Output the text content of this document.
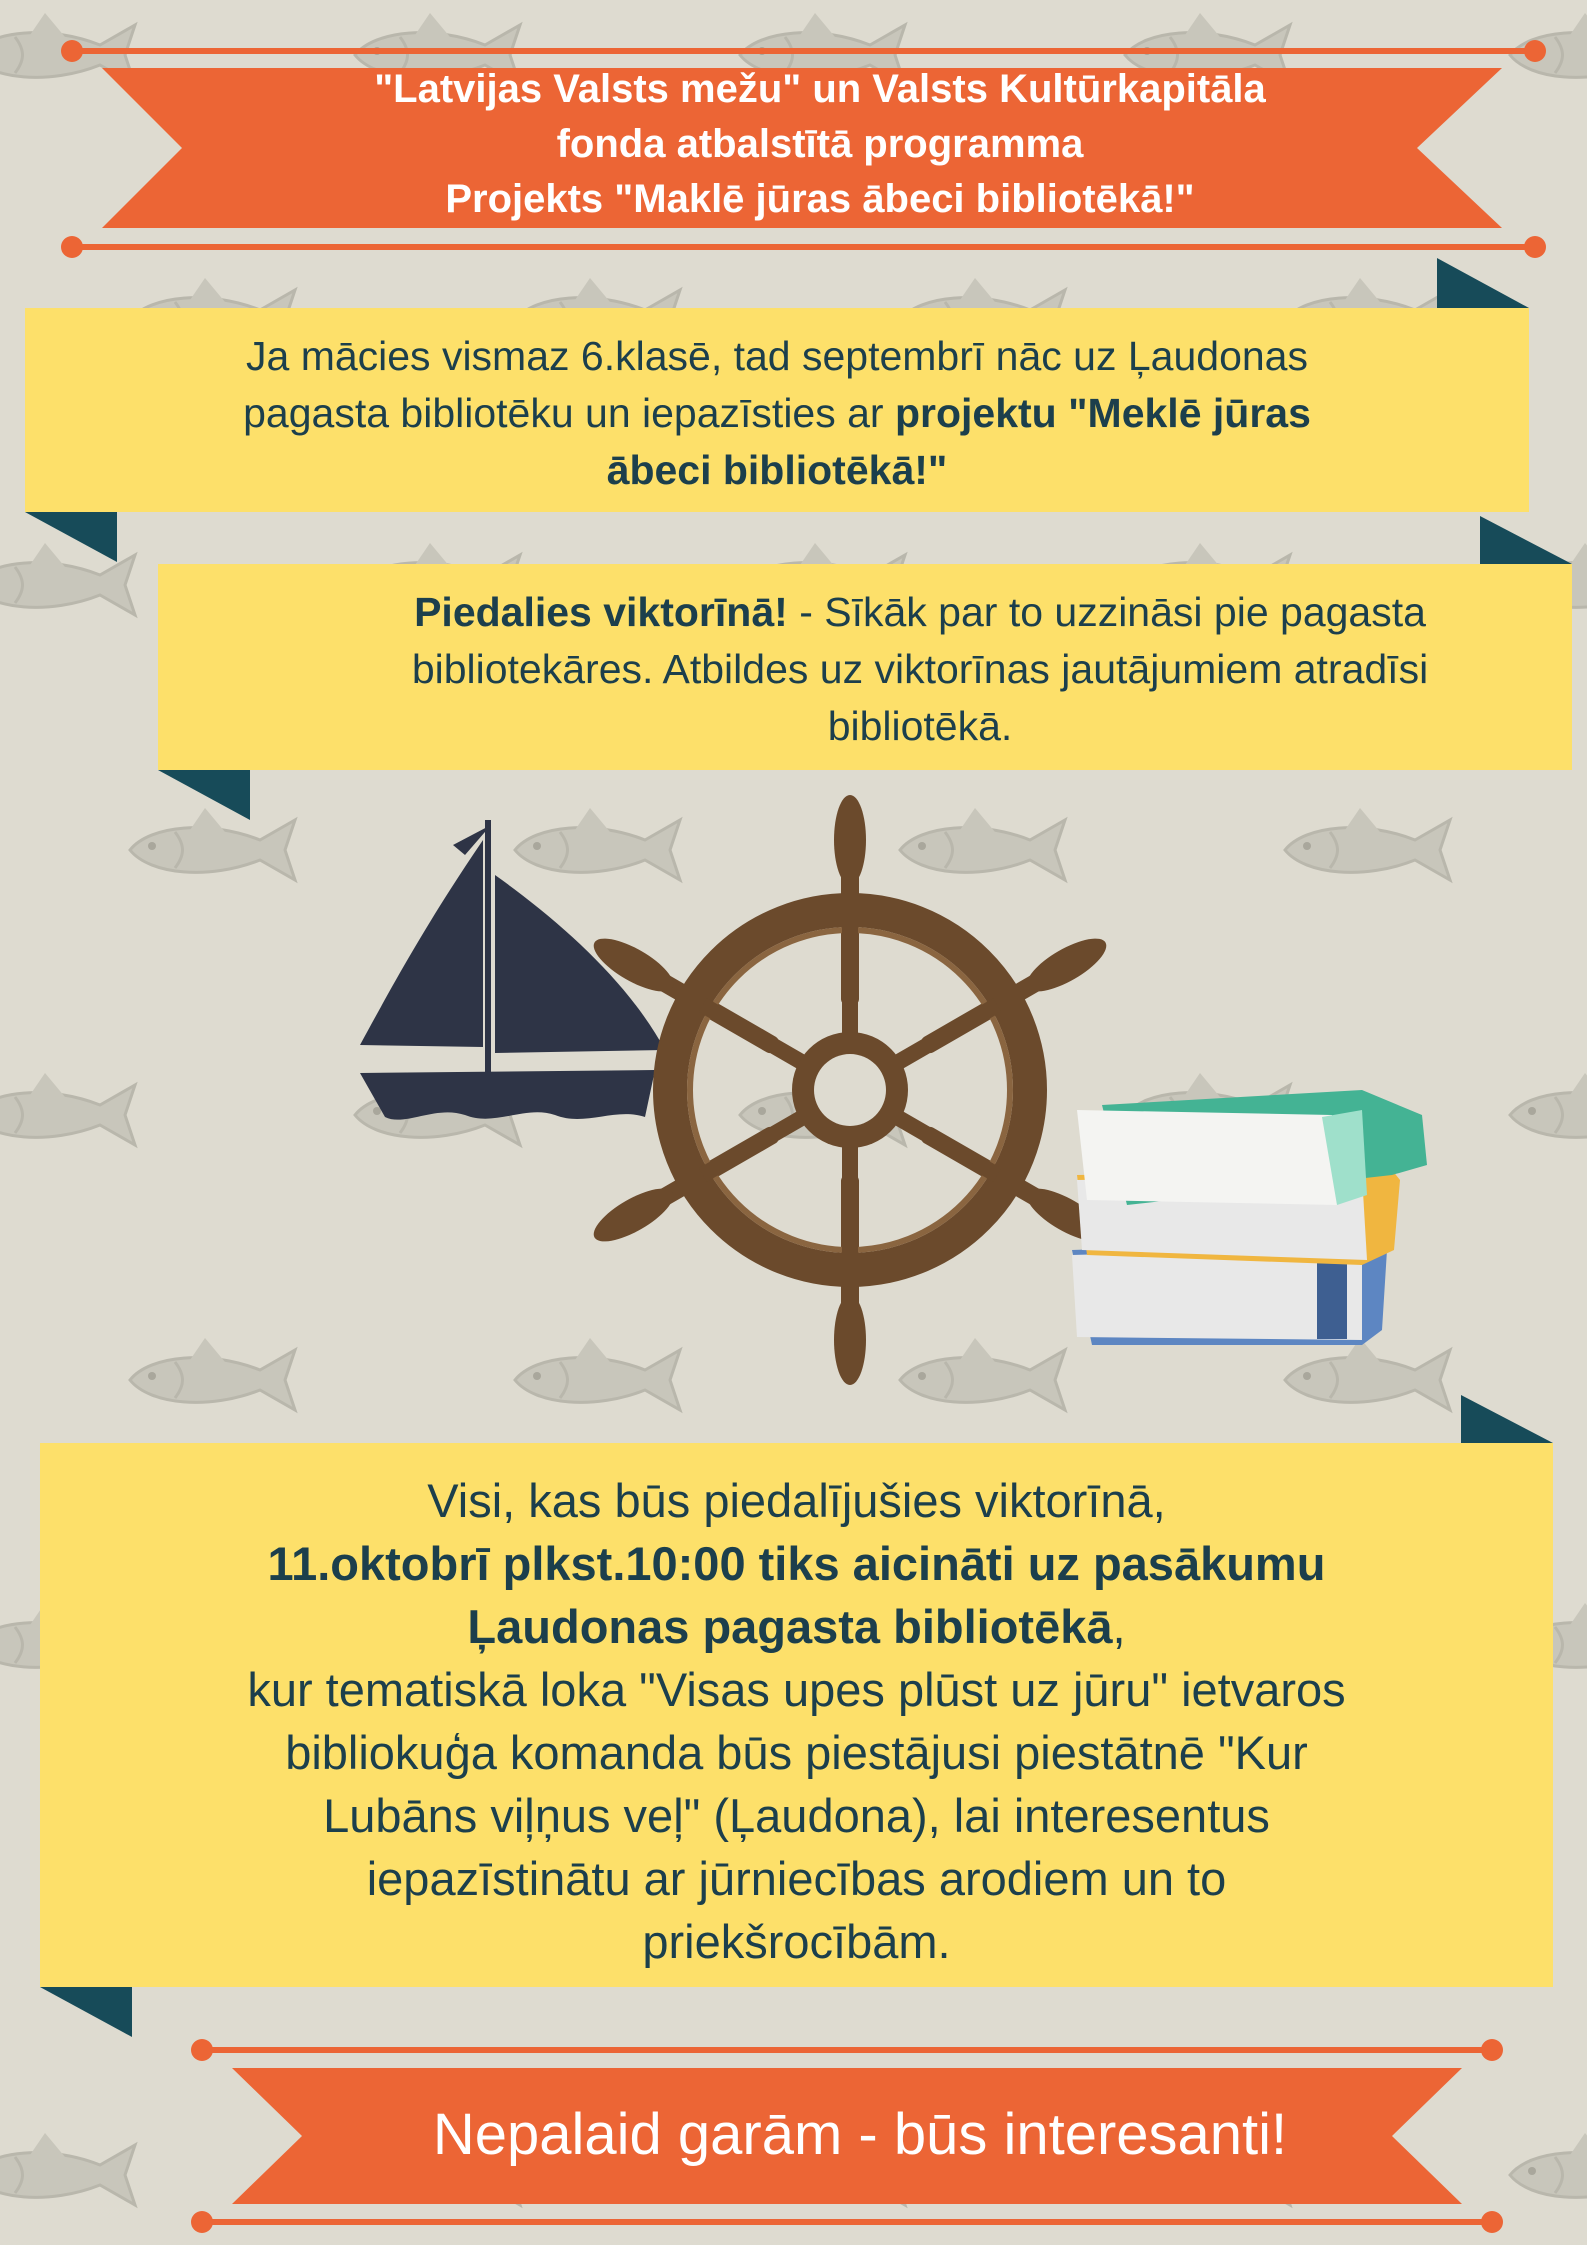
"Latvijas Valsts mežu" un Valsts Kultūrkapitāla
fonda atbalstītā programma
Projekts "Maklē jūras ābeci bibliotēkā!"
Ja mācies vismaz 6.klasē, tad septembrī nāc uz Ļaudonas
pagasta bibliotēku un iepazīsties ar projektu "Meklē jūras
ābeci bibliotēkā!"
Piedalies viktorīnā! - Sīkāk par to uzzināsi pie pagasta
bibliotekāres. Atbildes uz viktorīnas jautājumiem atradīsi
bibliotēkā.
Visi, kas būs piedalījušies viktorīnā,
11.oktobrī plkst.10:00 tiks aicināti uz pasākumu
Ļaudonas pagasta bibliotēkā,
kur tematiskā loka "Visas upes plūst uz jūru" ietvaros
bibliokuģa komanda būs piestājusi piestātnē "Kur
Lubāns viļņus veļ" (Ļaudona), lai interesentus
iepazīstinātu ar jūrniecības arodiem un to
priekšrocībām.
Nepalaid garām - būs interesanti!
